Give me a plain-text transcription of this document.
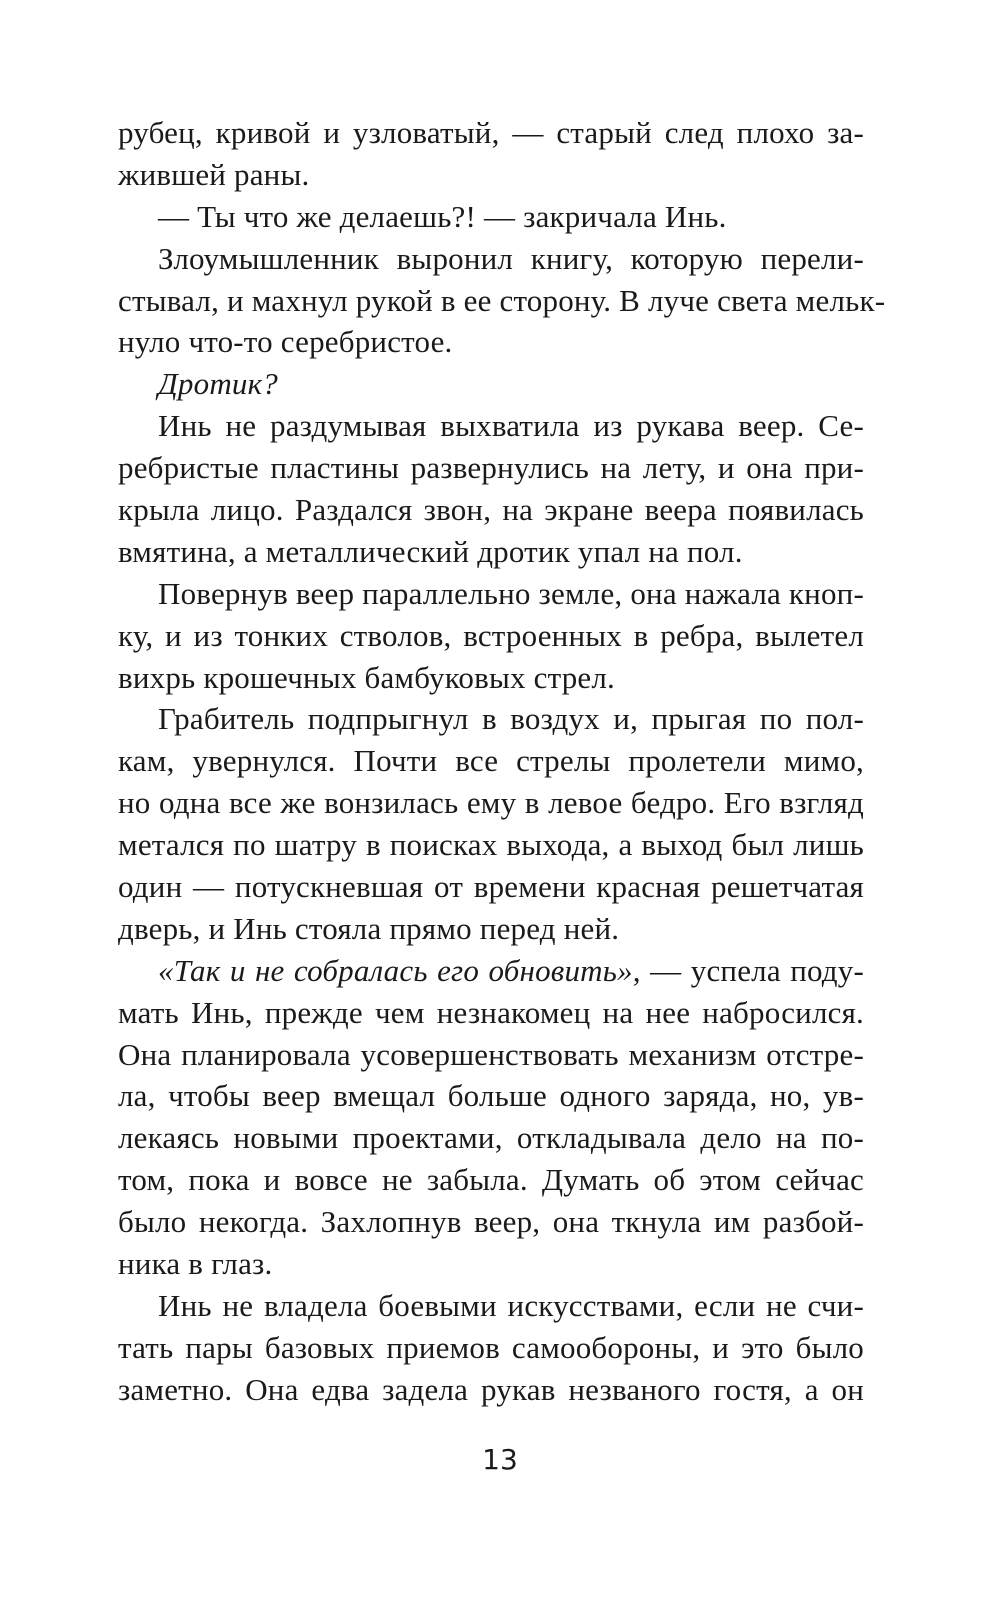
рубец, кривой и узловатый, — старый след плохо за-
жившей раны.
— Ты что же делаешь?! — закричала Инь.
Злоумышленник выронил книгу, которую перели-
стывал, и махнул рукой в ее сторону. В луче света мельк-
нуло что-то серебристое.
Дротик?
Инь не раздумывая выхватила из рукава веер. Се-
ребристые пластины развернулись на лету, и она при-
крыла лицо. Раздался звон, на экране веера появилась
вмятина, а металлический дротик упал на пол.
Повернув веер параллельно земле, она нажала кноп-
ку, и из тонких стволов, встроенных в ребра, вылетел
вихрь крошечных бамбуковых стрел.
Грабитель подпрыгнул в воздух и, прыгая по пол-
кам, увернулся. Почти все стрелы пролетели мимо,
но одна все же вонзилась ему в левое бедро. Его взгляд
метался по шатру в поисках выхода, а выход был лишь
один — потускневшая от времени красная решетчатая
дверь, и Инь стояла прямо перед ней.
«Так и не собралась его обновить», — успела поду-
мать Инь, прежде чем незнакомец на нее набросился.
Она планировала усовершенствовать механизм отстре-
ла, чтобы веер вмещал больше одного заряда, но, ув-
лекаясь новыми проектами, откладывала дело на по-
том, пока и вовсе не забыла. Думать об этом сейчас
было некогда. Захлопнув веер, она ткнула им разбой-
ника в глаз.
Инь не владела боевыми искусствами, если не счи-
тать пары базовых приемов самообороны, и это было
заметно. Она едва задела рукав незваного гостя, а он
13
